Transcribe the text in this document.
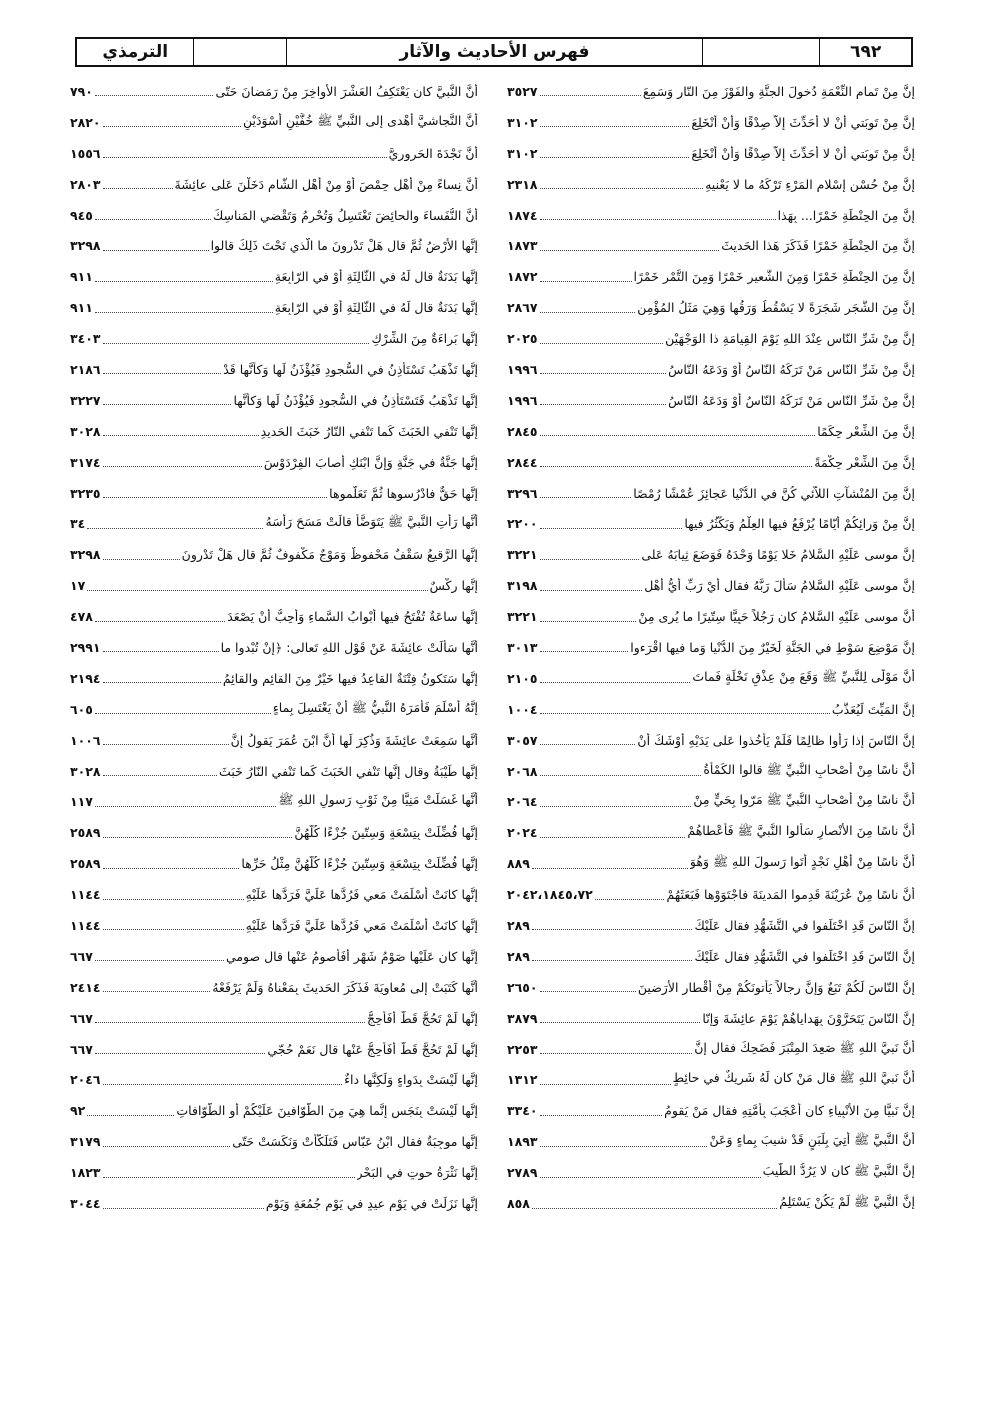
٦٩٢
فهرس الأحاديث والآثار
الترمذي
إنَّ مِنْ تَمامِ النِّعْمَةِ دُخولَ الجنَّةِ والفَوْزَ مِنَ النّارِ وَسَمِعَ
٣٥٢٧
إنَّ مِنْ تَوبَتي أنْ لا أُحَدِّثَ إلاّ صِدْقًا وَأنْ أنْخَلِعَ
٣١٠٢
إنَّ مِنْ تَوبَتي أنْ لا أُحَدِّثَ إلاّ صِدْقًا وَأنْ أنْخَلِعَ
٣١٠٢
إنَّ مِنْ حُسْنِ إسْلامِ المَرْءِ تَرْكَهُ ما لا يَعْنيهِ
٢٣١٨
إنَّ مِنَ الحِنْطَةِ خَمْرًا... بِهَذا
١٨٧٤
إنَّ مِنَ الحِنْطَةِ خَمْرًا فَذَكَرَ هَذا الحَديثَ
١٨٧٣
إنَّ مِنَ الحِنْطَةِ خَمْرًا وَمِنَ الشَّعيرِ خَمْرًا وَمِنَ التَّمْرِ خَمْرًا
١٨٧٢
إنَّ مِنَ الشَّجَرِ شَجَرَةً لا يَسْقُطُ وَرَقُها وَهِيَ مَثَلُ المُؤْمِنِ
٢٨٦٧
إنَّ مِنْ شَرِّ النّاسِ عِنْدَ اللهِ يَوْمَ القِيامَةِ ذا الوَجْهَيْنِ
٢٠٢٥
إنَّ مِنْ شَرِّ النّاسِ مَنْ تَرَكَهُ النّاسُ أوْ وَدَعَهُ النّاسُ
١٩٩٦
إنَّ مِنْ شَرِّ النّاسِ مَنْ تَرَكَهُ النّاسُ أوْ وَدَعَهُ النّاسُ
١٩٩٦
إنَّ مِنَ الشِّعْرِ حِكَمًا
٢٨٤٥
إنَّ مِنَ الشِّعْرِ حِكْمَةً
٢٨٤٤
إنَّ مِنَ المُنْشآتِ اللاّئي كُنَّ في الدُّنْيا عَجائِزَ عُمْشًا رُمْصًا
٣٢٩٦
إنَّ مِنْ وَرائِكُمْ أيّامًا يُرْفَعُ فيها العِلْمُ وَيَكْثُرُ فيها
٢٢٠٠
إنَّ موسى عَلَيْهِ السَّلامُ خَلا يَوْمًا وَحْدَهُ فَوَضَعَ ثِيابَهُ عَلى
٣٢٢١
إنَّ موسى عَلَيْهِ السَّلامُ سَألَ رَبَّهُ فقال أيْ رَبِّ أيُّ أهْلِ
٣١٩٨
أنَّ موسى عَلَيْهِ السَّلامُ كان رَجُلاً حَيِيًّا سِتّيرًا ما يُرى مِنْ
٣٢٢١
إنَّ مَوْضِعَ سَوْطٍ في الجَنَّةِ لَخَيْرٌ مِنَ الدُّنْيا وَما فيها اقْرَءوا
٣٠١٣
أنَّ مَوْلًى لِلنَّبيِّ ﷺ وَقَعَ مِنْ عِذْقِ نَخْلَةٍ فَماتَ
٢١٠٥
إنَّ المَيِّتَ لَيُعَذَّبُ
١٠٠٤
إنَّ النّاسَ إذا رَأَوا ظالِمًا فَلَمْ يَأْخُذوا عَلى يَدَيْهِ أوْشَكَ أنْ
٣٠٥٧
أنَّ ناسًا مِنْ أصْحابِ النَّبيِّ ﷺ قالوا الكَمْأةُ
٢٠٦٨
أنَّ ناسًا مِنْ أصْحابِ النَّبيِّ ﷺ مَرّوا بِحَيٍّ مِنْ
٢٠٦٤
أنَّ ناسًا مِنَ الأنْصارِ سَألوا النَّبيَّ ﷺ فَأعْطاهُمْ
٢٠٢٤
أنَّ ناسًا مِنْ أهْلِ نَجْدٍ أتَوا رَسولَ اللهِ ﷺ وَهُوَ
٨٨٩
أنَّ ناسًا مِنْ عُرَيْنَةَ قَدِموا المَدينَةَ فاجْتَوَوْها فَبَعَثَهُمْ
٢٠٤٢،١٨٤٥،٧٢
إنَّ النّاسَ قَدِ اخْتَلَفوا في التَّشَهُّدِ فقال عَلَيْكَ
٢٨٩
إنَّ النّاسَ قَدِ اخْتَلَفوا في التَّشَهُّدِ فقال عَلَيْكَ
٢٨٩
إنَّ النّاسَ لَكُمْ تَبَعٌ وَإنَّ رِجالاً يَأْتونَكُمْ مِنْ أقْطارِ الأرَضينَ
٢٦٥٠
إنَّ النّاسَ يَتَحَرَّوْنَ بِهَداياهُمْ يَوْمَ عائِشَةَ وَإنّا
٣٨٧٩
أنَّ نَبيَّ اللهِ ﷺ صَعِدَ المِنْبَرَ فَضَحِكَ فقال إنَّ
٢٢٥٣
أنَّ نَبيَّ اللهِ ﷺ قال مَنْ كان لَهُ شَريكٌ في حائِطٍ
١٣١٢
إنَّ نَبيًّا مِنَ الأنْبِياءِ كان أعْجَبَ بِأُمَّتِهِ فقال مَنْ يَقومُ
٣٣٤٠
أنَّ النَّبيَّ ﷺ أُتِيَ بِلَبَنٍ قَدْ شيبَ بِماءٍ وَعَنْ
١٨٩٣
إنَّ النَّبيَّ ﷺ كان لا يَرُدُّ الطّيبَ
٢٧٨٩
إنَّ النَّبيَّ ﷺ لَمْ يَكُنْ يَسْتَلِمُ
٨٥٨
أنَّ النَّبيَّ كان يَعْتَكِفُ العَشْرَ الأواخِرَ مِنْ رَمَضانَ حَتّى
٧٩٠
أنَّ النَّجاشيَّ أهْدى إلى النَّبيِّ ﷺ خُفَّيْنِ أسْوَدَيْنِ
٢٨٢٠
أنَّ نَجْدَةَ الحَروريَّ
١٥٥٦
أنَّ نِساءً مِنْ أهْلِ حِمْصَ أوْ مِنْ أهْلِ الشّامِ دَخَلْنَ عَلى عائِشَةَ
٢٨٠٣
أنَّ النُّفَساءَ والحائِضَ تَغْتَسِلُ وَتُحْرِمُ وَتَقْضي المَناسِكَ
٩٤٥
إنَّها الأرْضُ ثُمَّ قال هَلْ تَدْرونَ ما الَّذي تَحْتَ ذَلِكَ قالوا
٣٢٩٨
إنَّها بَدَنَةٌ قال لَهُ في الثّالِثَةِ أوْ في الرّابِعَةِ
٩١١
إنَّها بَدَنَةٌ قال لَهُ في الثّالِثَةِ أوْ في الرّابِعَةِ
٩١١
إنَّها بَراءَةٌ مِنَ الشِّرْكِ
٣٤٠٣
إنَّها تَذْهَبُ تَسْتَأْذِنُ في السُّجودِ فَيُؤْذَنُ لَها وَكأنَّها قَدْ
٢١٨٦
إنَّها تَذْهَبُ فَتَسْتَأْذِنُ في السُّجودِ فَيُؤْذَنُ لَها وَكأنَّها
٣٢٢٧
إنَّها تَنْفي الخَبَثَ كَما تَنْفي النّارُ خَبَثَ الحَديدِ
٣٠٢٨
إنَّها جَنَّةٌ في جَنَّةٍ وَإنَّ ابْنَكِ أصابَ الفِرْدَوْسَ
٣١٧٤
إنَّها حَقٌّ فادْرُسوها ثُمَّ تَعَلَّموها
٣٢٣٥
أنَّها رَأتِ النَّبيَّ ﷺ يَتَوَضَّأُ قالَتْ مَسَحَ رَأسَهُ
٣٤
إنَّها الرَّقيعُ سَقْفٌ مَحْفوظٌ وَمَوْجٌ مَكْفوفٌ ثُمَّ قال هَلْ تَدْرونَ
٣٢٩٨
إنَّها رِكْسٌ
١٧
إنَّها ساعَةٌ تُفْتَحُ فيها أبْوابُ السَّماءِ وَأُحِبُّ أنْ يَصْعَدَ
٤٧٨
أنَّها سَألَتْ عائِشَةَ عَنْ قَوْلِ اللهِ تَعالى: ﴿إنْ تُبْدوا ما
٢٩٩١
إنَّها سَتَكونُ فِتْنَةٌ القاعِدُ فيها خَيْرٌ مِنَ القائِمِ والقائِمُ
٢١٩٤
إنَّهُ أسْلَمَ فَأمَرَهُ النَّبيُّ ﷺ أنْ يَغْتَسِلَ بِماءٍ
٦٠٥
أنَّها سَمِعَتْ عائِشَةَ وَذُكِرَ لَها أنَّ ابْنَ عُمَرَ يَقولُ إنَّ
١٠٠٦
إنَّها طَيْبَةُ وقال إنَّها تَنْفي الخَبَثَ كَما تَنْفي النّارُ خَبَثَ
٣٠٢٨
أنَّها غَسَلَتْ مَنِيًّا مِنْ ثَوْبِ رَسولِ اللهِ ﷺ
١١٧
إنَّها فُضِّلَتْ بِتِسْعَةٍ وَسِتّينَ جُزْءًا كُلُّهُنَّ
٢٥٨٩
إنَّها فُضِّلَتْ بِتِسْعَةٍ وَسِتّينَ جُزْءًا كُلُّهُنَّ مِثْلُ حَرِّها
٢٥٨٩
إنَّها كانَتْ أسْلَمَتْ مَعي فَرُدَّها عَلَيَّ فَرَدَّها عَلَيْهِ
١١٤٤
إنَّها كانَتْ أسْلَمَتْ مَعي فَرُدَّها عَلَيَّ فَرَدَّها عَلَيْهِ
١١٤٤
إنَّها كان عَلَيْها صَوْمُ شَهْرٍ أفَأَصومُ عَنْها قال صومي
٦٦٧
أنَّها كَتَبَتْ إلى مُعاوِيَةَ فَذَكَرَ الحَديثَ بِمَعْناهُ وَلَمْ يَرْفَعْهُ
٢٤١٤
إنَّها لَمْ تَحُجَّ قَطُّ أفَأُحِجُّ
٦٦٧
إنَّها لَمْ تَحُجَّ قَطُّ أفَأُحِجُّ عَنْها قال نَعَمْ حُجّي
٦٦٧
إنَّها لَيْسَتْ بِدَواءٍ وَلَكِنَّها داءٌ
٢٠٤٦
إنَّها لَيْسَتْ بِنَجَسٍ إنَّما هِيَ مِنَ الطَّوّافينَ عَلَيْكُمْ أوِ الطَّوّافاتِ
٩٢
إنَّها موجِبَةٌ فقال ابْنُ عَبّاسٍ فَتَلَكَّأتْ وَنَكَسَتْ حَتّى
٣١٧٩
إنَّها نَثْرَةُ حوتٍ في البَحْرِ
١٨٢٣
إنَّها نَزَلَتْ في يَوْمِ عيدٍ في يَوْمِ جُمُعَةٍ وَيَوْمِ
٣٠٤٤
